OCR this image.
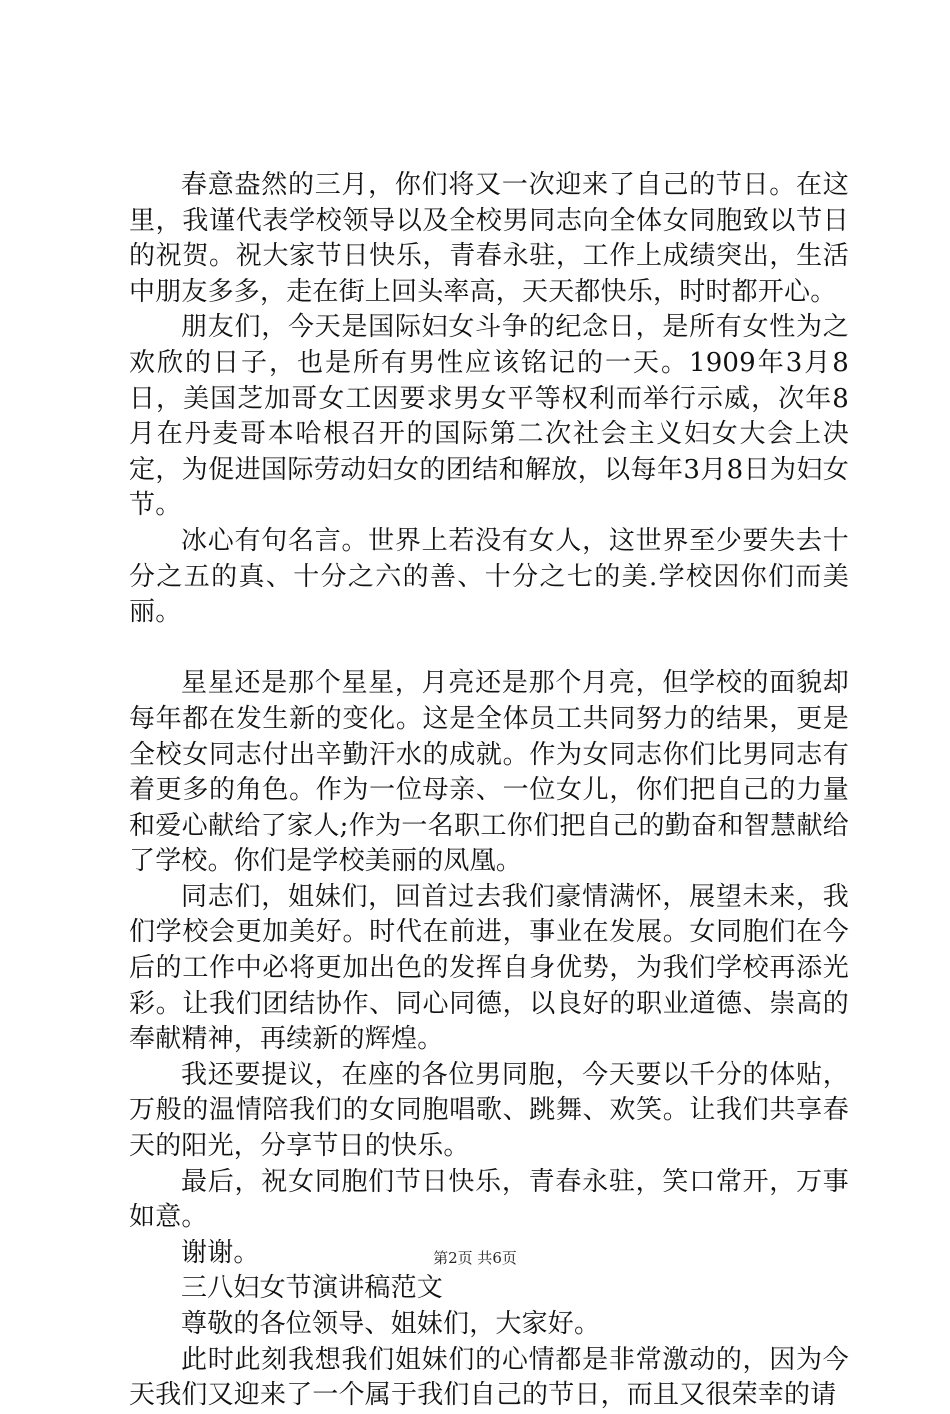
春意盎然的三月，你们将又一次迎来了自己的节日。在这里，我谨代表学校领导以及全校男同志向全体女同胞致以节日的祝贺。祝大家节日快乐，青春永驻，工作上成绩突出，生活中朋友多多，走在街上回头率高，天天都快乐，时时都开心。

朋友们，今天是国际妇女斗争的纪念日，是所有女性为之欢欣的日子，也是所有男性应该铭记的一天。1909年3月8日，美国芝加哥女工因要求男女平等权利而举行示威，次年8月在丹麦哥本哈根召开的国际第二次社会主义妇女大会上决定，为促进国际劳动妇女的团结和解放，以每年3月8日为妇女节。

冰心有句名言。世界上若没有女人，这世界至少要失去十分之五的真、十分之六的善、十分之七的美.学校因你们而美丽。

星星还是那个星星，月亮还是那个月亮，但学校的面貌却每年都在发生新的变化。这是全体员工共同努力的结果，更是全校女同志付出辛勤汗水的成就。作为女同志你们比男同志有着更多的角色。作为一位母亲、一位女儿，你们把自己的力量和爱心献给了家人;作为一名职工你们把自己的勤奋和智慧献给了学校。你们是学校美丽的凤凰。

同志们，姐妹们，回首过去我们豪情满怀，展望未来，我们学校会更加美好。时代在前进，事业在发展。女同胞们在今后的工作中必将更加出色的发挥自身优势，为我们学校再添光彩。让我们团结协作、同心同德，以良好的职业道德、崇高的奉献精神，再续新的辉煌。

我还要提议，在座的各位男同胞，今天要以千分的体贴，万般的温情陪我们的女同胞唱歌、跳舞、欢笑。让我们共享春天的阳光，分享节日的快乐。

最后，祝女同胞们节日快乐，青春永驻，笑口常开，万事如意。

谢谢。

三八妇女节演讲稿范文

尊敬的各位领导、姐妹们，大家好。

此时此刻我想我们姐妹们的心情都是非常激动的，因为今天我们又迎来了一个属于我们自己的节日，而且又很荣幸的请

第2页 共6页
